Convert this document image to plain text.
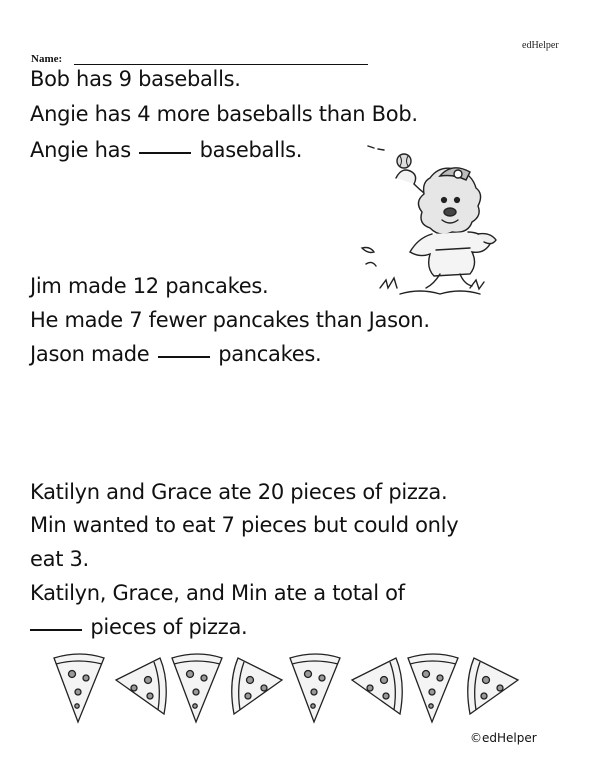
edHelper
Name:
Bob has 9 baseballs.
Angie has 4 more baseballs than Bob.
Angie has	baseballs.
Jim made 12 pancakes.
He made 7 fewer pancakes than Jason.
Jason made	pancakes.
Katilyn and Grace ate 20 pieces of pizza.
Min wanted to eat 7 pieces but could only
eat 3.
Katilyn, Grace, and Min ate a total of
pieces of pizza.
©edHelper
